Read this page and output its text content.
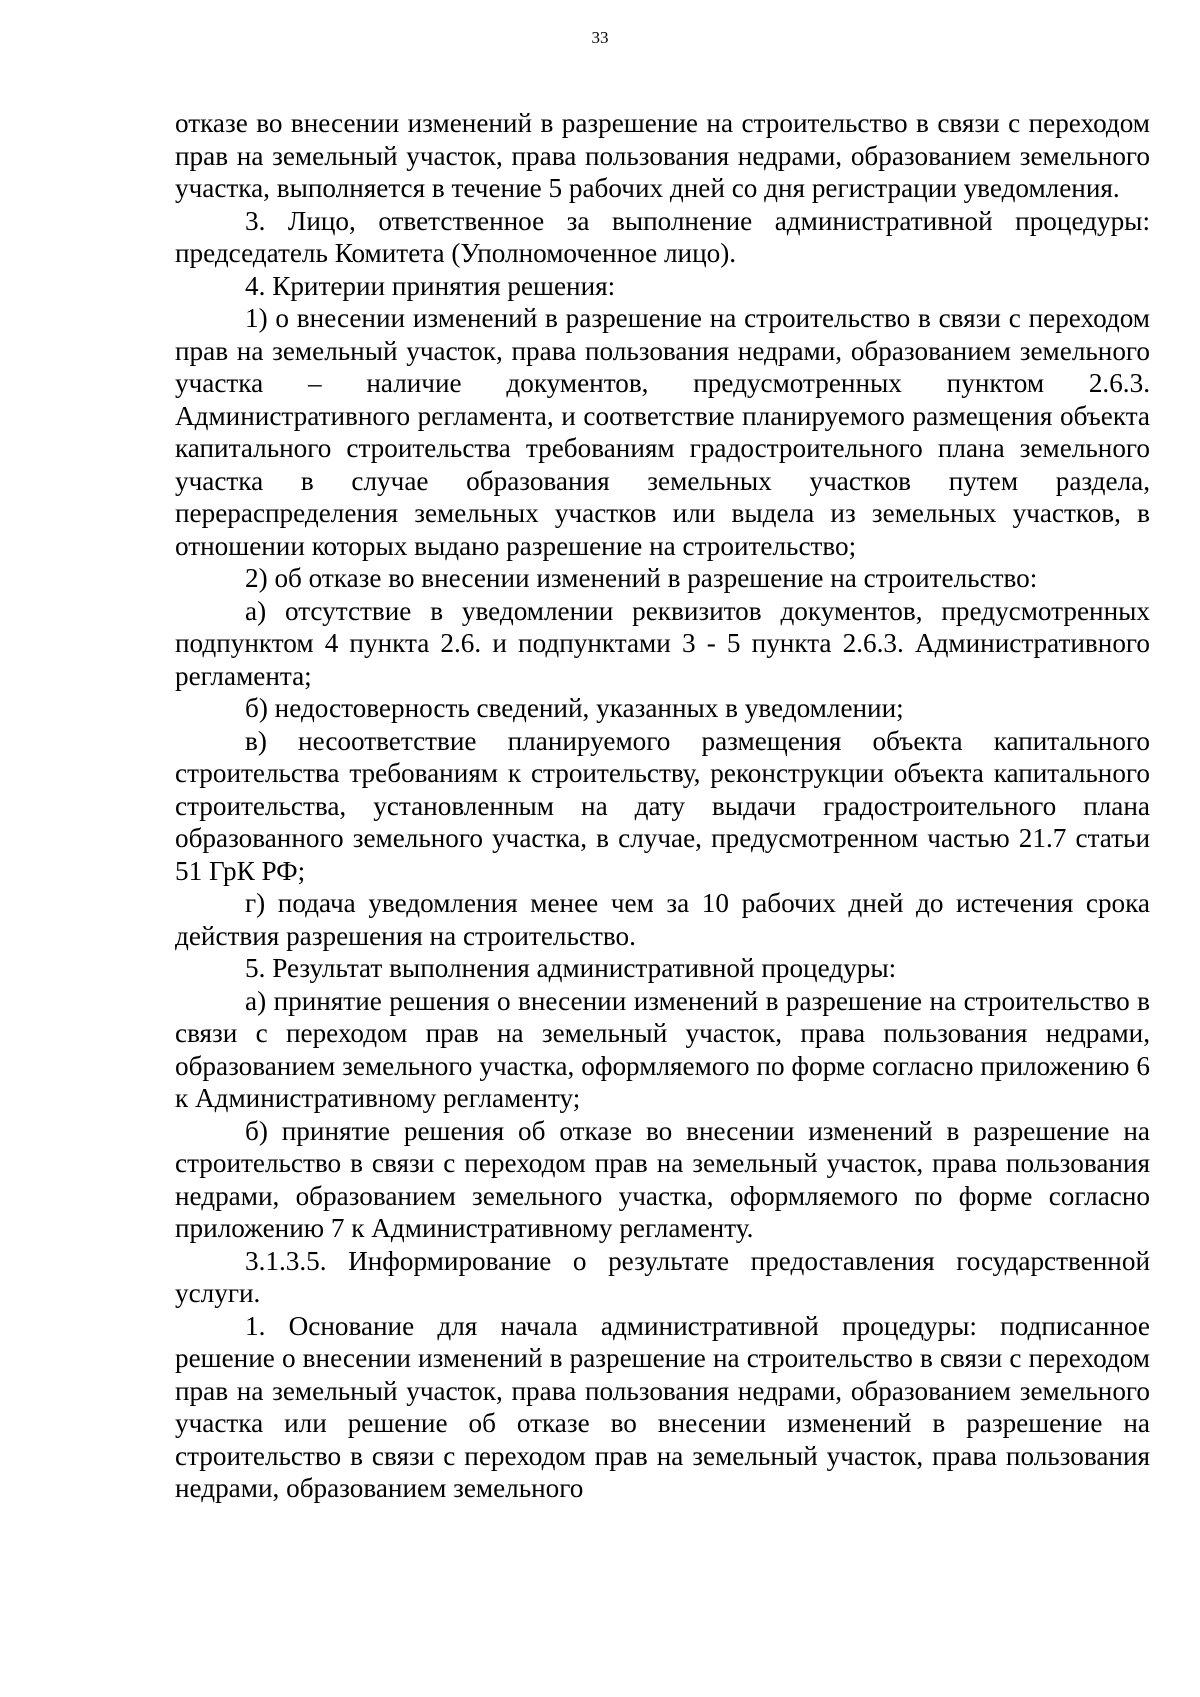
33

отказе во внесении изменений в разрешение на строительство в связи с переходом прав на земельный участок, права пользования недрами, образованием земельного участка, выполняется в течение 5 рабочих дней со дня регистрации уведомления.

3. Лицо, ответственное за выполнение административной процедуры: председатель Комитета (Уполномоченное лицо).

4. Критерии принятия решения:

1) о внесении изменений в разрешение на строительство в связи с переходом прав на земельный участок, права пользования недрами, образованием земельного участка – наличие документов, предусмотренных пунктом 2.6.3. Административного регламента, и соответствие планируемого размещения объекта капитального строительства требованиям градостроительного плана земельного участка в случае образования земельных участков путем раздела, перераспределения земельных участков или выдела из земельных участков, в отношении которых выдано разрешение на строительство;

2) об отказе во внесении изменений в разрешение на строительство:

а) отсутствие в уведомлении реквизитов документов, предусмотренных подпунктом 4 пункта 2.6. и подпунктами 3 - 5 пункта 2.6.3. Административного регламента;

б) недостоверность сведений, указанных в уведомлении;

в) несоответствие планируемого размещения объекта капитального строительства требованиям к строительству, реконструкции объекта капитального строительства, установленным на дату выдачи градостроительного плана образованного земельного участка, в случае, предусмотренном частью 21.7 статьи 51 ГрК РФ;

г) подача уведомления менее чем за 10 рабочих дней до истечения срока действия разрешения на строительство.

5. Результат выполнения административной процедуры:

а) принятие решения о внесении изменений в разрешение на строительство в связи с переходом прав на земельный участок, права пользования недрами, образованием земельного участка, оформляемого по форме согласно приложению 6 к Административному регламенту;

б) принятие решения об отказе во внесении изменений в разрешение на строительство в связи с переходом прав на земельный участок, права пользования недрами, образованием земельного участка, оформляемого по форме согласно приложению 7 к Административному регламенту.

3.1.3.5. Информирование о результате предоставления государственной услуги.

1. Основание для начала административной процедуры: подписанное решение о внесении изменений в разрешение на строительство в связи с переходом прав на земельный участок, права пользования недрами, образованием земельного участка или решение об отказе во внесении изменений в разрешение на строительство в связи с переходом прав на земельный участок, права пользования недрами, образованием земельного
